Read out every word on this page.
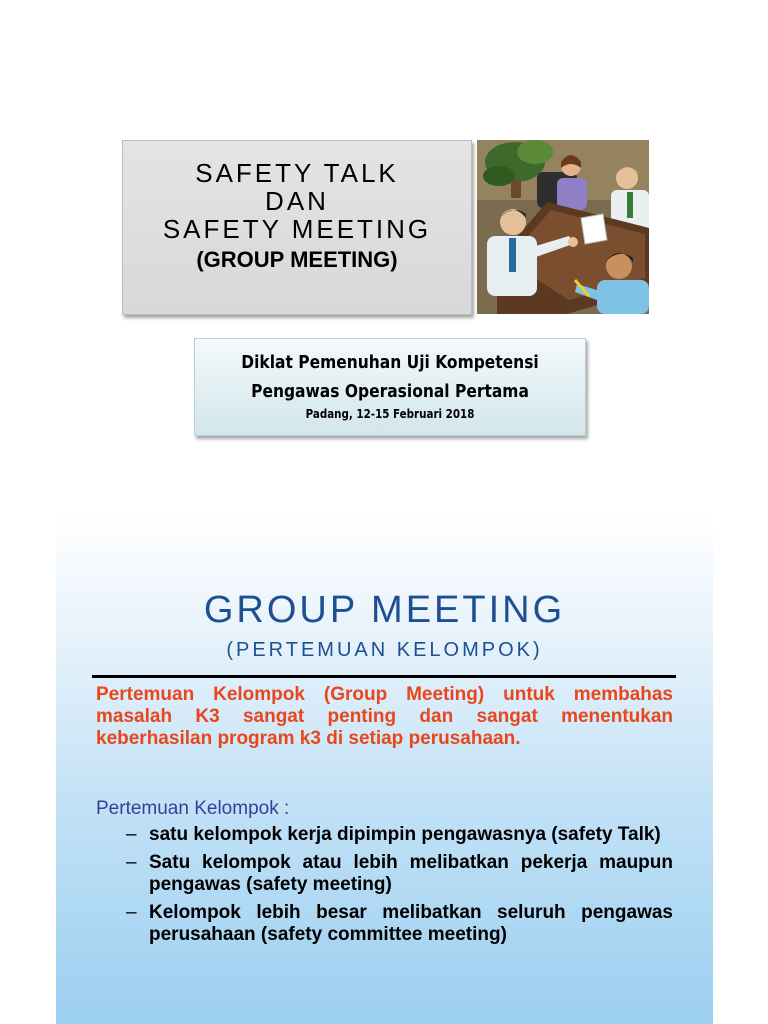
SAFETY TALK
DAN
SAFETY MEETING
(GROUP MEETING)
Diklat Pemenuhan Uji Kompetensi
Pengawas Operasional Pertama
Padang, 12-15 Februari 2018
GROUP MEETING
(PERTEMUAN KELOMPOK)
Pertemuan Kelompok (Group Meeting) untuk membahas masalah K3 sangat penting dan sangat menentukan keberhasilan program k3 di setiap perusahaan.
Pertemuan Kelompok :
– satu kelompok kerja dipimpin pengawasnya (safety Talk)
– Satu kelompok atau lebih melibatkan pekerja maupun pengawas (safety meeting)
– Kelompok lebih besar melibatkan seluruh pengawas perusahaan (safety committee meeting)
